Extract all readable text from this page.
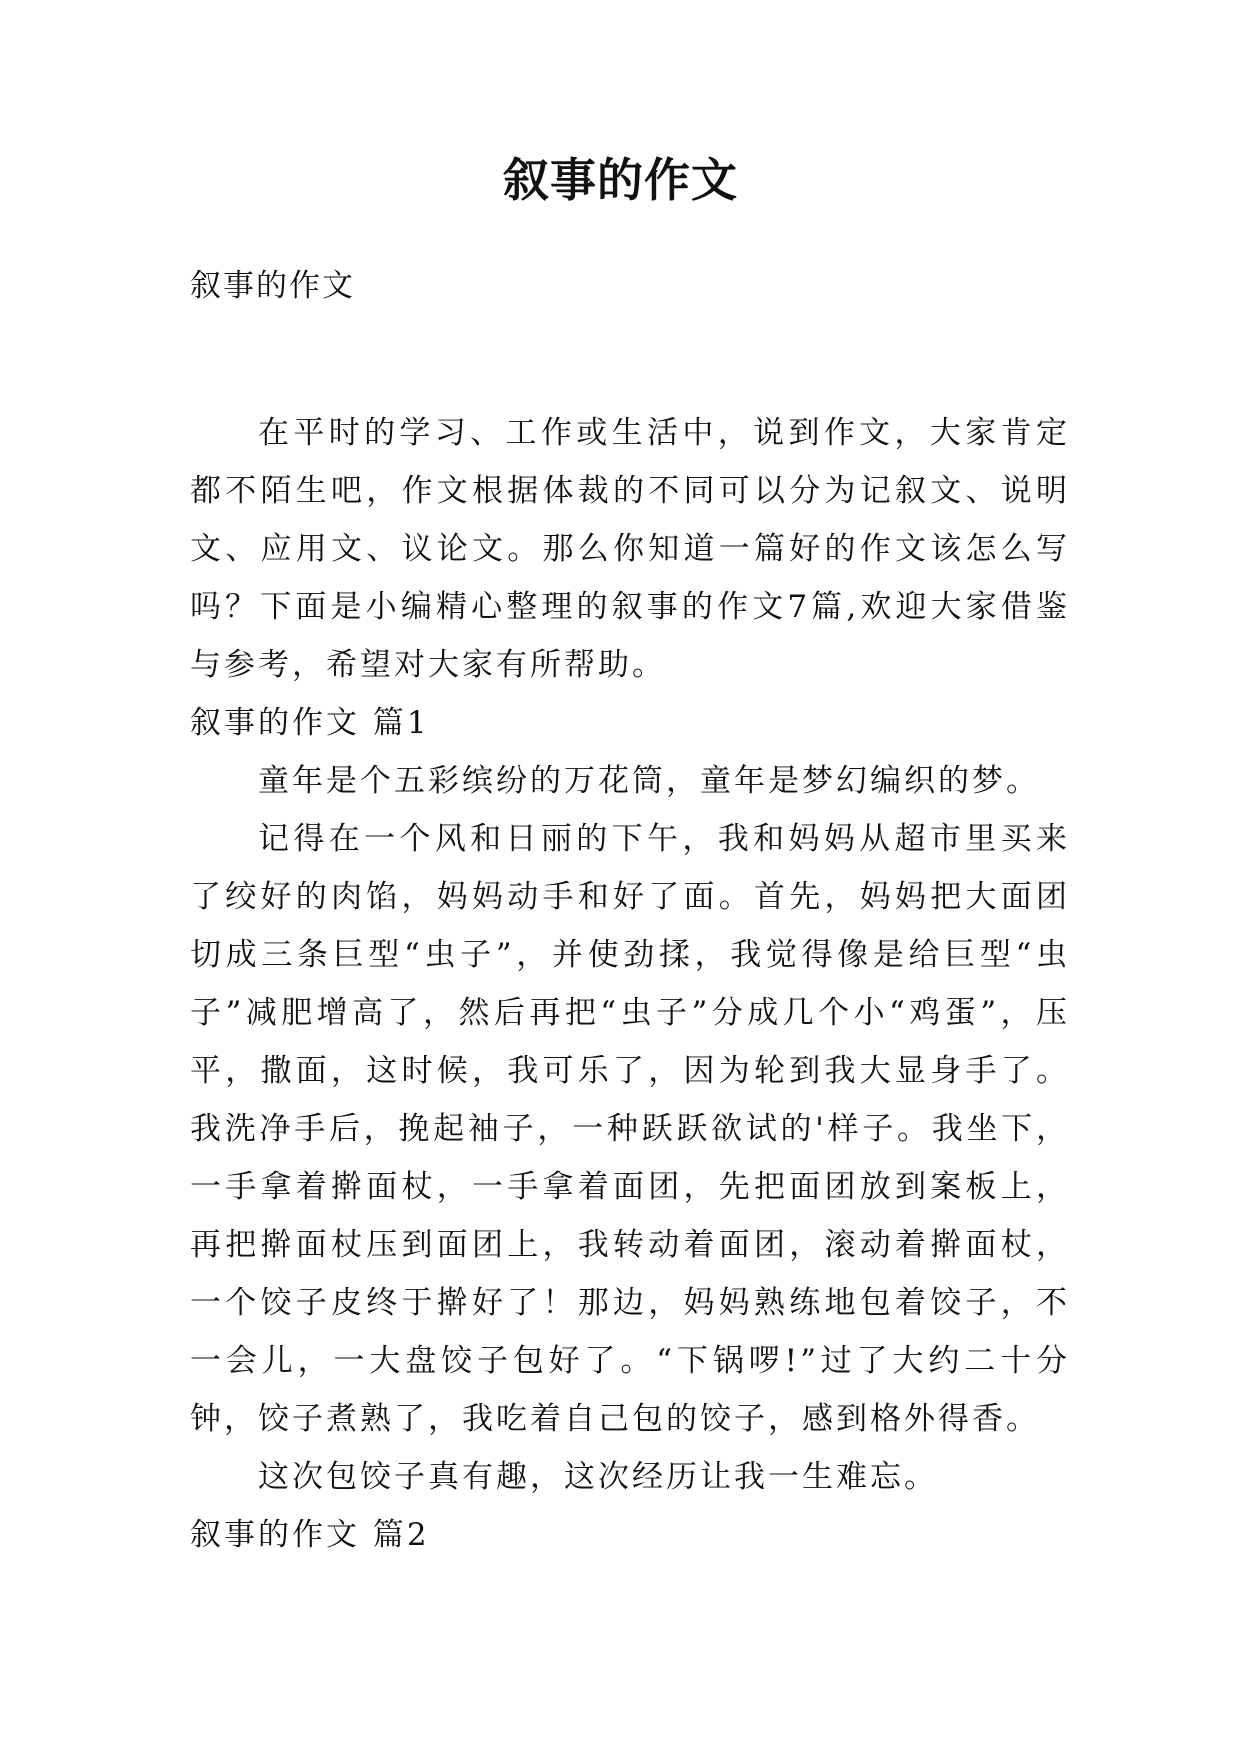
叙事的作文
叙事的作文

在平时的学习、工作或生活中，说到作文，大家肯定都不陌生吧，作文根据体裁的不同可以分为记叙文、说明文、应用文、议论文。那么你知道一篇好的作文该怎么写吗？下面是小编精心整理的叙事的作文7篇,欢迎大家借鉴与参考，希望对大家有所帮助。

叙事的作文 篇1

童年是个五彩缤纷的万花筒，童年是梦幻编织的梦。

记得在一个风和日丽的下午，我和妈妈从超市里买来了绞好的肉馅，妈妈动手和好了面。首先，妈妈把大面团切成三条巨型“虫子”，并使劲揉，我觉得像是给巨型“虫子”减肥增高了，然后再把“虫子”分成几个小“鸡蛋”，压平，撒面，这时候，我可乐了，因为轮到我大显身手了。我洗净手后，挽起袖子，一种跃跃欲试的'样子。我坐下，一手拿着擀面杖，一手拿着面团，先把面团放到案板上，再把擀面杖压到面团上，我转动着面团，滚动着擀面杖，一个饺子皮终于擀好了！那边，妈妈熟练地包着饺子，不一会儿，一大盘饺子包好了。“下锅啰!”过了大约二十分钟，饺子煮熟了，我吃着自己包的饺子，感到格外得香。

这次包饺子真有趣，这次经历让我一生难忘。

叙事的作文 篇2
